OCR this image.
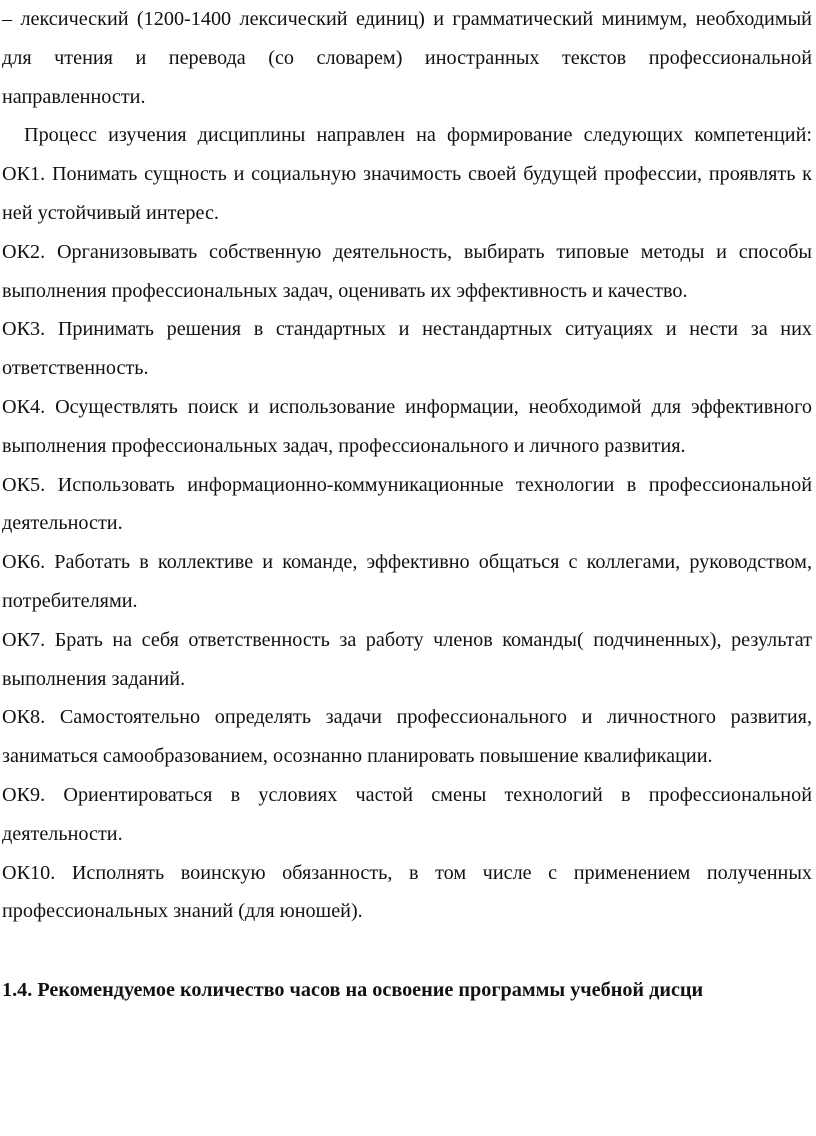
– лексический (1200-1400 лексический единиц) и грамматический минимум, необходимый для чтения и перевода (со словарем) иностранных текстов профессиональной направленности.

Процесс изучения дисциплины направлен на формирование следующих компетенций: ОК1. Понимать сущность и социальную значимость своей будущей профессии, проявлять к ней устойчивый интерес.

ОК2. Организовывать собственную деятельность, выбирать типовые методы и способы выполнения профессиональных задач, оценивать их эффективность и качество.

ОК3. Принимать решения в стандартных и нестандартных ситуациях и нести за них ответственность.

ОК4. Осуществлять поиск и использование информации, необходимой для эффективного выполнения профессиональных задач, профессионального и личного развития.

ОК5. Использовать информационно-коммуникационные технологии в профессиональной деятельности.

ОК6. Работать в коллективе и команде, эффективно общаться с коллегами, руководством, потребителями.

ОК7. Брать на себя ответственность за работу членов команды( подчиненных), результат выполнения заданий.

ОК8. Самостоятельно определять задачи профессионального и личностного развития, заниматься самообразованием, осознанно планировать повышение квалификации.

ОК9. Ориентироваться в условиях частой смены технологий в профессиональной деятельности.

ОК10. Исполнять воинскую обязанность, в том числе с применением полученных профессиональных знаний (для юношей).

1.4. Рекомендуемое количество часов на освоение программы учебной дисци
